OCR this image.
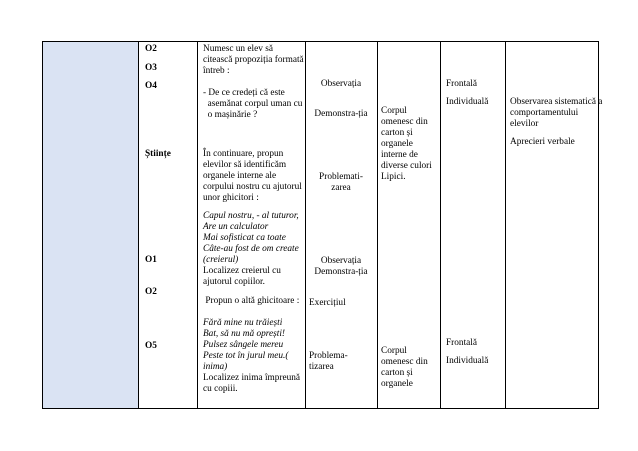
O2
O3
O4
Științe
O1
O2
O5
Numesc un elev să
citească propoziția formată
întreb :
- De ce credeți că este
asemănat corpul uman cu
o mașinărie ?
În continuare, propun
elevilor să identificăm
organele interne ale
corpului nostru cu ajutorul
unor ghicitori :
Capul nostru, - al tuturor,
Are un calculator
Mai sofisticat ca toate
Câte-au fost de om create
(creierul)
Localizez creierul cu
ajutorul copiilor.
Propun o altă ghicitoare :
Fără mine nu trăiești
Bat, să nu mă oprești!
Pulsez sângele mereu
Peste tot în jurul meu.(
inima)
Localizez inima împreună
cu copiii.
Observația
Demonstra-ția
Problemati-
zarea
Observația
Demonstra-ția
Exercițiul
Problema-
tizarea
Corpul
omenesc din
carton și
organele
interne de
diverse culori
Lipici.
Corpul
omenesc din
carton și
organele
Frontală
Individuală
Frontală
Individuală
Observarea sistematică a
comportamentului
elevilor
Aprecieri verbale
